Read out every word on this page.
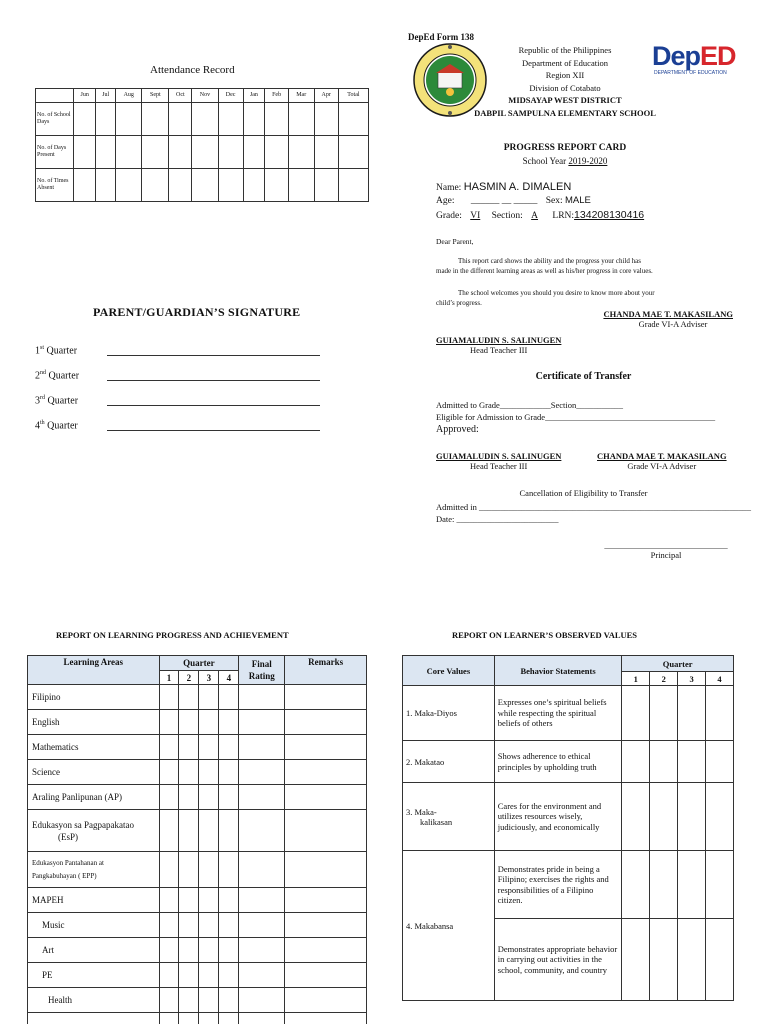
Attendance Record
	Jun	Jul	Aug	Sept	Oct	Nov	Dec	Jan	Feb	Mar	Apr	Total
No. of School Days												
No. of Days Present												
No. of Times Absent												
PARENT/GUARDIAN’S SIGNATURE
1st Quarter
2nd Quarter
3rd Quarter
4th Quarter
DepEd Form 138
Republic of the Philippines
Department of Education
Region XII
Division of Cotabato
MIDSAYAP WEST DISTRICT
DABPIL SAMPULNA ELEMENTARY SCHOOL
DepED
DEPARTMENT OF EDUCATION
PROGRESS REPORT CARD
School Year 2019-2020
Name: HASMIN A. DIMALEN
Age: ______ __ _____ Sex: MALE
Grade: VI Section: A LRN:134208130416
Dear Parent,
This report card shows the ability and the progress your child has
made in the different learning areas as well as his/her progress in core values.
The school welcomes you should you desire to know more about your
child’s progress.
CHANDA MAE T. MAKASILANG
Grade VI-A Adviser
GUIAMALUDIN S. SALINUGEN
Head Teacher III
Certificate of Transfer
Admitted to Grade____________Section___________
Eligible for Admission to Grade________________________________________
Approved:
GUIAMALUDIN S. SALINUGEN
Head Teacher III
CHANDA MAE T. MAKASILANG
Grade VI-A Adviser
Cancellation of Eligibility to Transfer
Admitted in ________________________________________________________________
Date: ________________________
_____________________________
Principal
REPORT ON LEARNING PROGRESS AND ACHIEVEMENT
Learning Areas	Quarter				Final Rating	Remarks
	1	2	3	4		
Filipino						
English						
Mathematics						
Science						
Araling Panlipunan (AP)						

Edukasyon sa Pagpapakatao
(EsP)						

Edukasyon Pantahanan at
Pangkabuhayan ( EPP)						

MAPEH						
Music						
Art						
PE						
Health						

REPORT ON LEARNER’S OBSERVED VALUES
Core Values	Behavior Statements	Quarter			
		1	2	3	4
1. Maka-Diyos	Expresses one’s spiritual beliefs while respecting the spiritual beliefs of others				
2. Makatao	Shows adherence to ethical principles by upholding truth				

3. Maka-
kalikasan	Cares for the environment and utilizes resources wisely, judiciously, and economically				
4. Makabansa	Demonstrates pride in being a Filipino; exercises the rights and responsibilities of a Filipino citizen.				
	Demonstrates appropriate behavior in carrying out activities in the school, community, and country				
